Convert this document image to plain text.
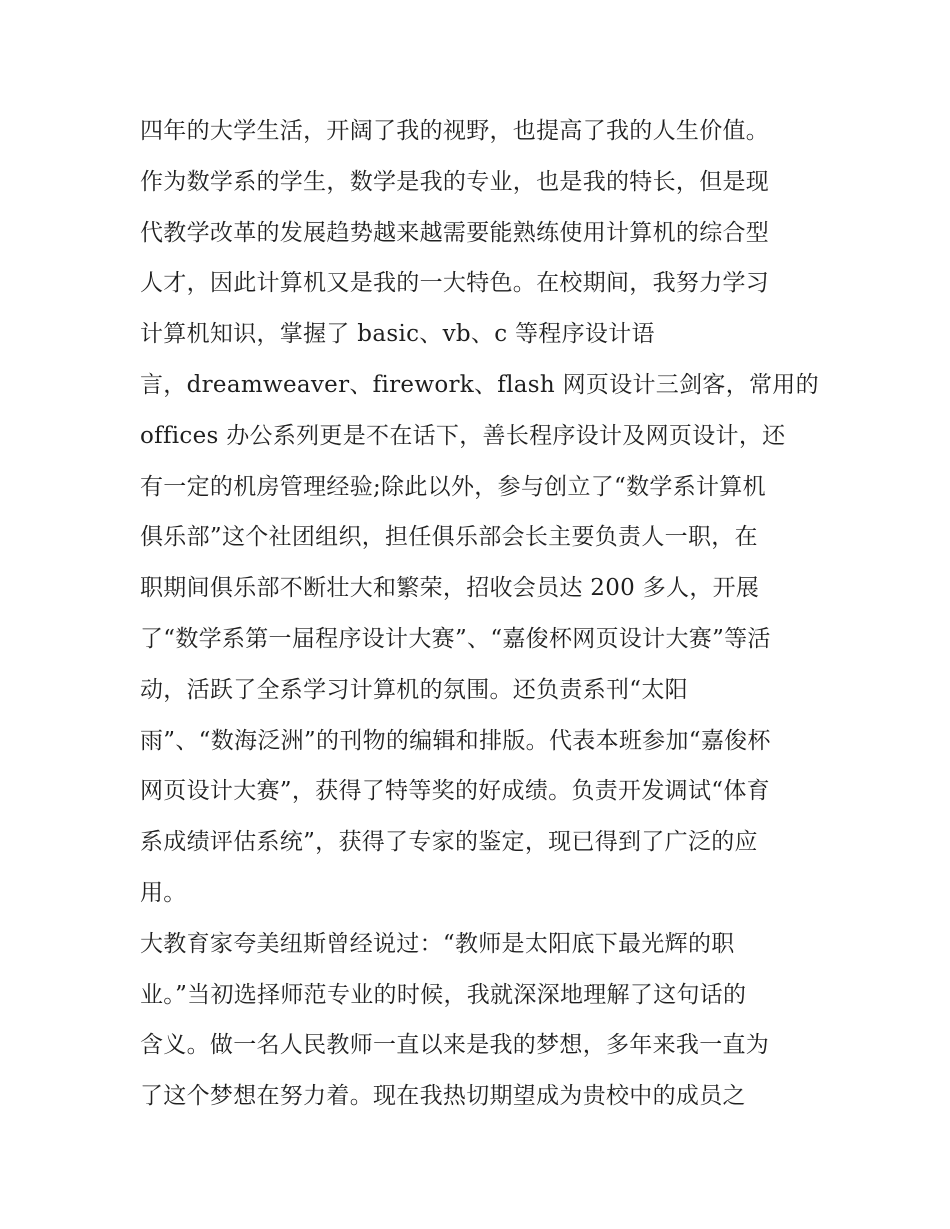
四年的大学生活，开阔了我的视野，也提高了我的人生价值。
作为数学系的学生，数学是我的专业，也是我的特长，但是现
代教学改革的发展趋势越来越需要能熟练使用计算机的综合型
人才，因此计算机又是我的一大特色。在校期间，我努力学习
计算机知识，掌握了 basic、vb、c 等程序设计语
言，dreamweaver、firework、flash 网页设计三剑客，常用的
offices 办公系列更是不在话下，善长程序设计及网页设计，还
有一定的机房管理经验;除此以外，参与创立了“数学系计算机
俱乐部”这个社团组织，担任俱乐部会长主要负责人一职，在
职期间俱乐部不断壮大和繁荣，招收会员达 200 多人，开展
了“数学系第一届程序设计大赛”、“嘉俊杯网页设计大赛”等活
动，活跃了全系学习计算机的氛围。还负责系刊“太阳
雨”、“数海泛洲”的刊物的编辑和排版。代表本班参加“嘉俊杯
网页设计大赛”，获得了特等奖的好成绩。负责开发调试“体育
系成绩评估系统”，获得了专家的鉴定，现已得到了广泛的应
用。
大教育家夸美纽斯曾经说过：“教师是太阳底下最光辉的职
业。”当初选择师范专业的时候，我就深深地理解了这句话的
含义。做一名人民教师一直以来是我的梦想，多年来我一直为
了这个梦想在努力着。现在我热切期望成为贵校中的成员之
